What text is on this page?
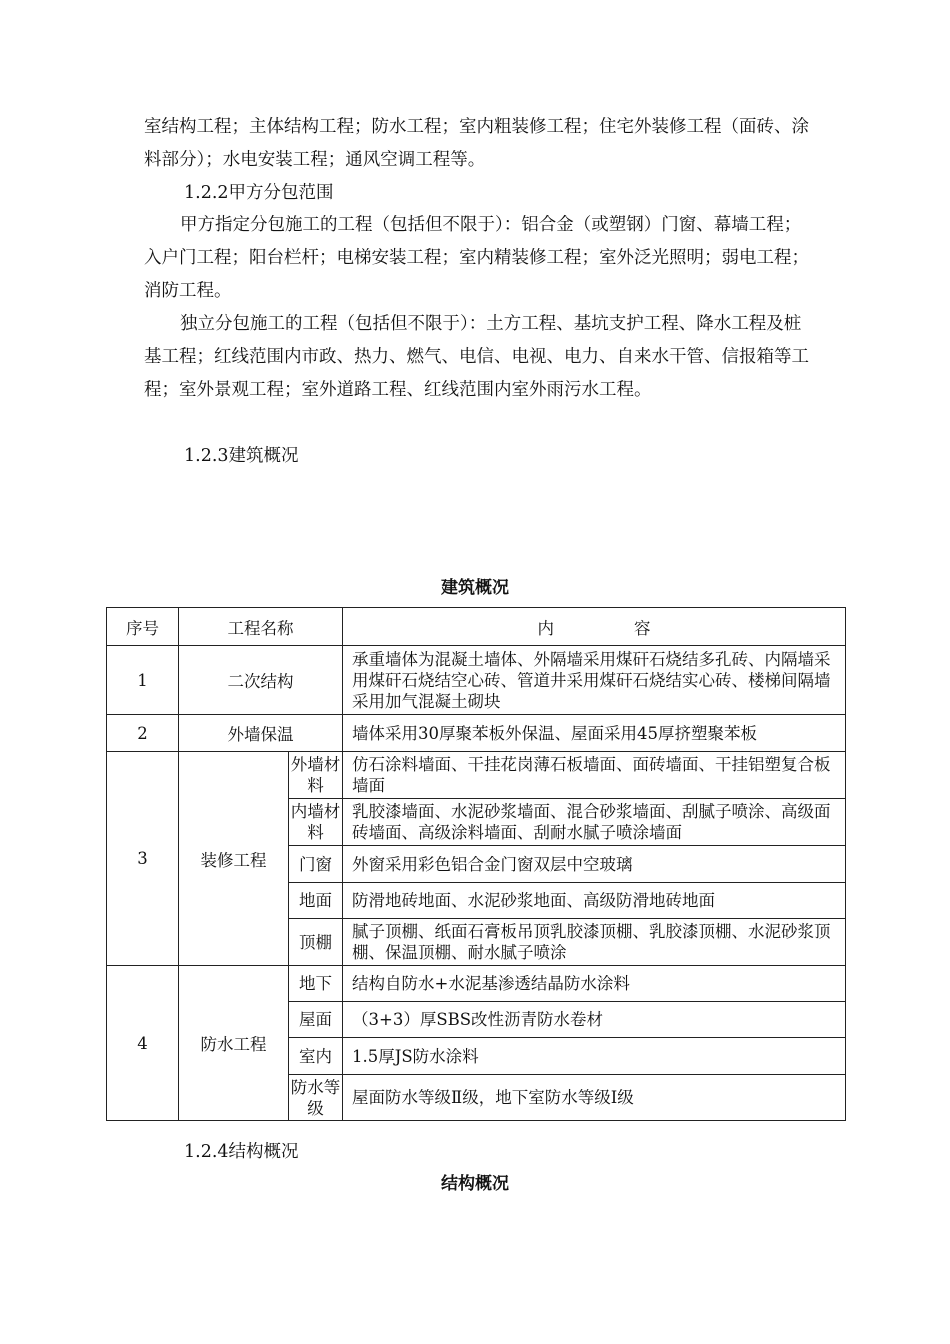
室结构工程；主体结构工程；防水工程；室内粗装修工程；住宅外装修工程（面砖、涂料部分）；水电安装工程；通风空调工程等。

1.2.2甲方分包范围

甲方指定分包施工的工程（包括但不限于）：铝合金（或塑钢）门窗、幕墙工程；入户门工程；阳台栏杆；电梯安装工程；室内精装修工程；室外泛光照明；弱电工程；消防工程。

独立分包施工的工程（包括但不限于）：土方工程、基坑支护工程、降水工程及桩基工程；红线范围内市政、热力、燃气、电信、电视、电力、自来水干管、信报箱等工程；室外景观工程；室外道路工程、红线范围内室外雨污水工程。

1.2.3建筑概况

建筑概况

序号	工程名称		内 容
1	二次结构		承重墙体为混凝土墙体、外隔墙采用煤矸石烧结多孔砖、内隔墙采用煤矸石烧结空心砖、管道井采用煤矸石烧结实心砖、楼梯间隔墙采用加气混凝土砌块
2	外墙保温		墙体采用30厚聚苯板外保温、屋面采用45厚挤塑聚苯板
3	装修工程	外墙材料	仿石涂料墙面、干挂花岗薄石板墙面、面砖墙面、干挂铝塑复合板墙面
		内墙材料	乳胶漆墙面、水泥砂浆墙面、混合砂浆墙面、刮腻子喷涂、高级面砖墙面、高级涂料墙面、刮耐水腻子喷涂墙面
		门窗	外窗采用彩色铝合金门窗双层中空玻璃
		地面	防滑地砖地面、水泥砂浆地面、高级防滑地砖地面
		顶棚	腻子顶棚、纸面石膏板吊顶乳胶漆顶棚、乳胶漆顶棚、水泥砂浆顶棚、保温顶棚、耐水腻子喷涂
4	防水工程	地下	结构自防水+水泥基渗透结晶防水涂料
		屋面	（3+3）厚SBS改性沥青防水卷材
		室内	1.5厚JS防水涂料
		防水等级	屋面防水等级Ⅱ级，地下室防水等级Ⅰ级

1.2.4结构概况

结构概况
